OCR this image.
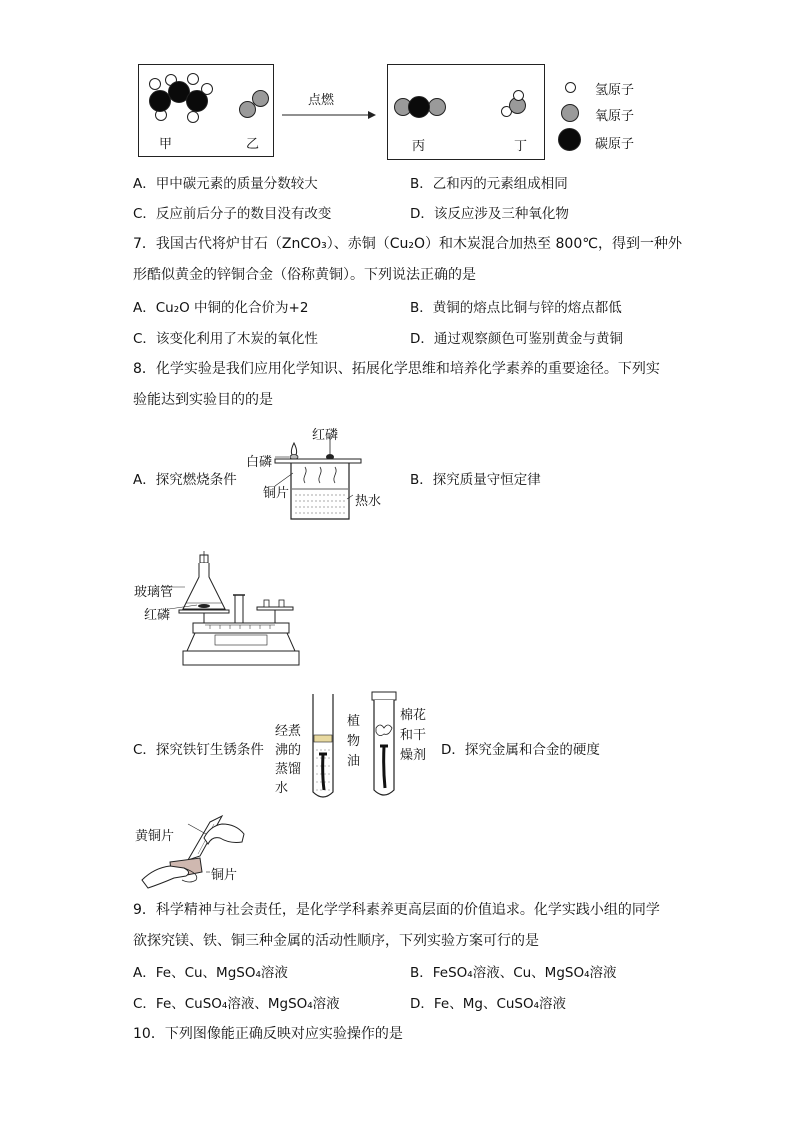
甲	乙
点燃
丙	丁
氢原子
氧原子
碳原子
A．甲中碳元素的质量分数较大	B．乙和丙的元素组成相同
C．反应前后分子的数目没有改变	D．该反应涉及三种氧化物
7．我国古代将炉甘石（ZnCO₃）、赤铜（Cu₂O）和木炭混合加热至 800℃，得到一种外
形酷似黄金的锌铜合金（俗称黄铜）。下列说法正确的是
A．Cu₂O 中铜的化合价为+2	B．黄铜的熔点比铜与锌的熔点都低
C．该变化利用了木炭的氧化性	D．通过观察颜色可鉴别黄金与黄铜
8．化学实验是我们应用化学知识、拓展化学思维和培养化学素养的重要途径。下列实
验能达到实验目的的是
A．探究燃烧条件	B．探究质量守恒定律
红磷
白磷
铜片
热水
玻璃管
红磷
C．探究铁钉生锈条件
经煮
沸的
蒸馏
水
植
物
油
棉花
和干
燥剂 D．探究金属和合金的硬度
黄铜片
铜片
9．科学精神与社会责任，是化学学科素养更高层面的价值追求。化学实践小组的同学
欲探究镁、铁、铜三种金属的活动性顺序，下列实验方案可行的是
A．Fe、Cu、MgSO₄溶液	B．FeSO₄溶液、Cu、MgSO₄溶液
C．Fe、CuSO₄溶液、MgSO₄溶液	D．Fe、Mg、CuSO₄溶液
10．下列图像能正确反映对应实验操作的是
